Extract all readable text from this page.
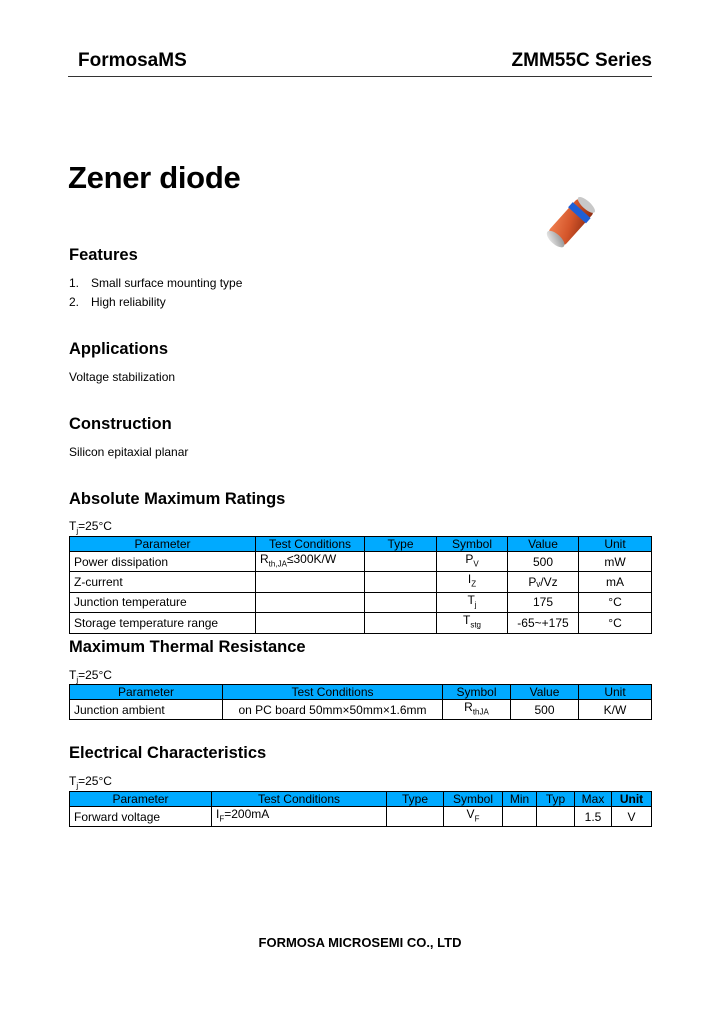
FormosaMS	ZMM55C Series
Zener diode
Features
1. Small surface mounting type
2. High reliability
Applications
Voltage stabilization
Construction
Silicon epitaxial planar
Absolute Maximum Ratings
$T_j=25^\circ C$
Parameter	Test Conditions	Type	Symbol	Value	Unit
Power dissipation	$R_{th,JA}\le 300K/W$		$P_V$	500	mW
Z-current			$I_Z$	Pᵥ/Vᴢ	mA
Junction temperature			$T_j$	175	°C
Storage temperature range			$T_{stg}$	-65~+175	°C
Maximum Thermal Resistance
$T_j=25^\circ C$
Parameter	Test Conditions	Symbol	Value	Unit
Junction ambient	on PC board 50mm×50mm×1.6mm	$R_{thJA}$	500	K/W
Electrical Characteristics
$T_j=25^\circ C$
Parameter	Test Conditions	Type	Symbol	Min	Typ	Max	Unit
Forward voltage	$I_F=200mA$		$V_F$			1.5	V
FORMOSA MICROSEMI CO., LTD
